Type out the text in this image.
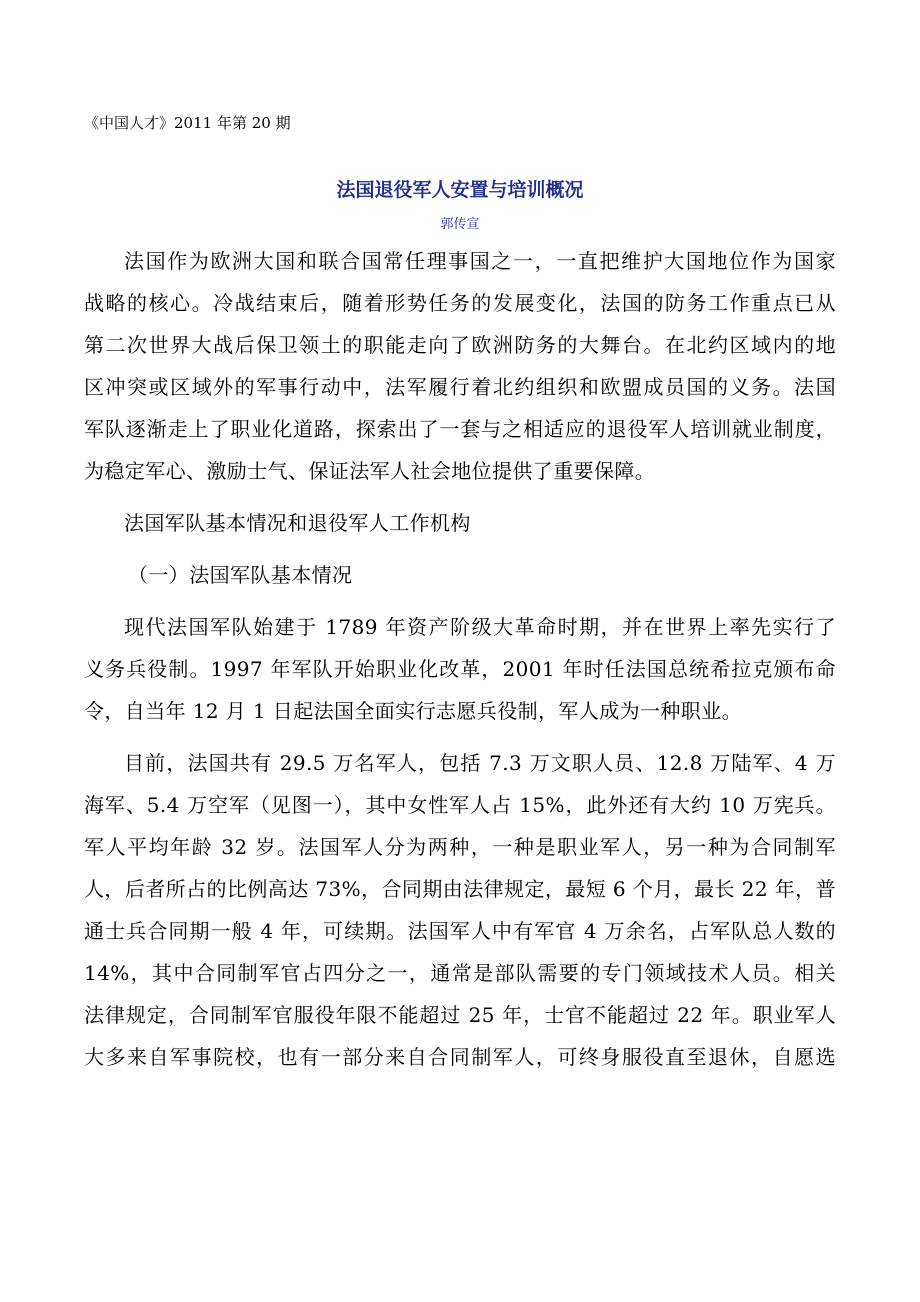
《中国人才》2011 年第 20 期
法国退役军人安置与培训概况
郭传宣

法国作为欧洲大国和联合国常任理事国之一，一直把维护大国地位作为国家
战略的核心。冷战结束后，随着形势任务的发展变化，法国的防务工作重点已从
第二次世界大战后保卫领土的职能走向了欧洲防务的大舞台。在北约区域内的地
区冲突或区域外的军事行动中，法军履行着北约组织和欧盟成员国的义务。法国
军队逐渐走上了职业化道路，探索出了一套与之相适应的退役军人培训就业制度，
为稳定军心、激励士气、保证法军人社会地位提供了重要保障。

法国军队基本情况和退役军人工作机构

（一）法国军队基本情况

现代法国军队始建于 1789 年资产阶级大革命时期，并在世界上率先实行了
义务兵役制。1997 年军队开始职业化改革，2001 年时任法国总统希拉克颁布命
令，自当年 12 月 1 日起法国全面实行志愿兵役制，军人成为一种职业。

目前，法国共有 29.5 万名军人，包括 7.3 万文职人员、12.8 万陆军、4 万
海军、5.4 万空军（见图一），其中女性军人占 15%，此外还有大约 10 万宪兵。
军人平均年龄 32 岁。法国军人分为两种，一种是职业军人，另一种为合同制军
人，后者所占的比例高达 73%，合同期由法律规定，最短 6 个月，最长 22 年，普
通士兵合同期一般 4 年，可续期。法国军人中有军官 4 万余名，占军队总人数的
14%，其中合同制军官占四分之一，通常是部队需要的专门领域技术人员。相关
法律规定，合同制军官服役年限不能超过 25 年，士官不能超过 22 年。职业军人
大多来自军事院校，也有一部分来自合同制军人，可终身服役直至退休，自愿选
